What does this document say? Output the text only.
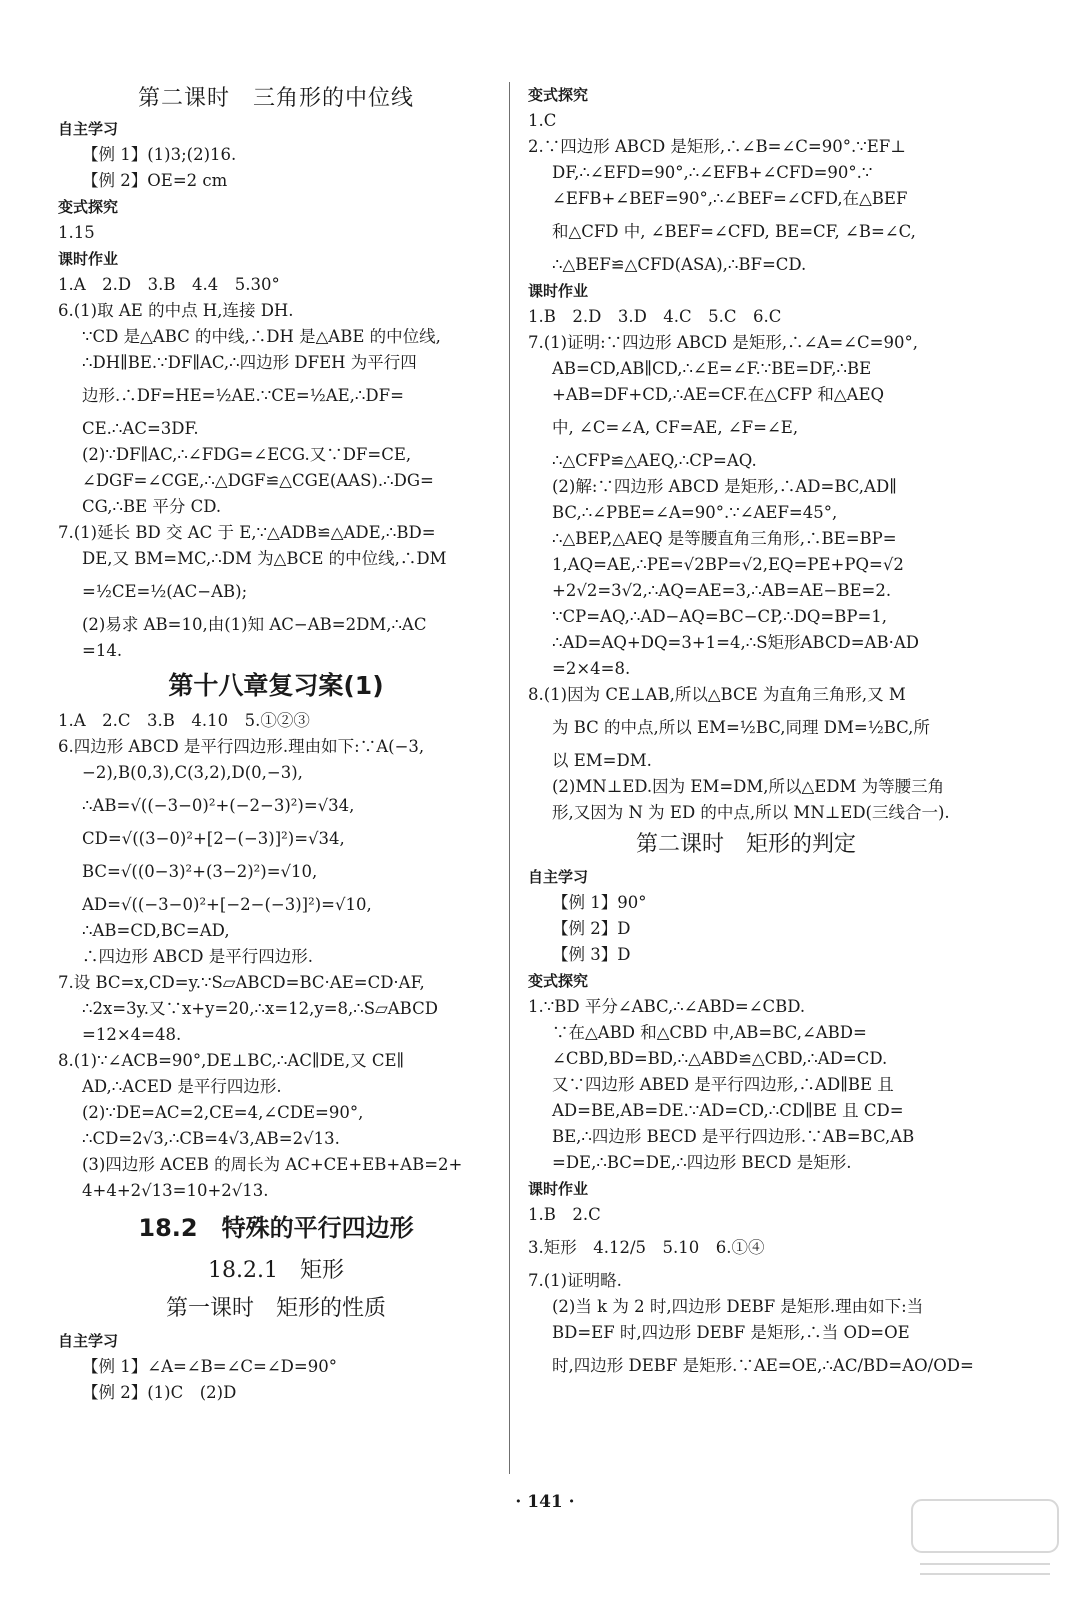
第二课时　三角形的中位线
自主学习
【例 1】(1)3;(2)16.
【例 2】OE=2 cm
变式探究
1.15
课时作业
1.A　2.D　3.B　4.4　5.30°
6.(1)取 AE 的中点 H,连接 DH.
∵CD 是△ABC 的中线,∴DH 是△ABE 的中位线,
∴DH∥BE.∵DF∥AC,∴四边形 DFEH 为平行四
边形.∴DF=HE=½AE.∵CE=½AE,∴DF=
CE.∴AC=3DF.
(2)∵DF∥AC,∴∠FDG=∠ECG.又∵DF=CE,
∠DGF=∠CGE,∴△DGF≌△CGE(AAS).∴DG=
CG,∴BE 平分 CD.
7.(1)延长 BD 交 AC 于 E,∵△ADB≌△ADE,∴BD=
DE,又 BM=MC,∴DM 为△BCE 的中位线,∴DM
=½CE=½(AC−AB);
(2)易求 AB=10,由(1)知 AC−AB=2DM,∴AC
=14.
第十八章复习案(1)
1.A　2.C　3.B　4.10　5.①②③
6.四边形 ABCD 是平行四边形.理由如下:∵A(−3,
−2),B(0,3),C(3,2),D(0,−3),
∴AB=√((−3−0)²+(−2−3)²)=√34,
CD=√((3−0)²+[2−(−3)]²)=√34,
BC=√((0−3)²+(3−2)²)=√10,
AD=√((−3−0)²+[−2−(−3)]²)=√10,
∴AB=CD,BC=AD,
∴四边形 ABCD 是平行四边形.
7.设 BC=x,CD=y.∵S▱ABCD=BC·AE=CD·AF,
∴2x=3y.又∵x+y=20,∴x=12,y=8,∴S▱ABCD
=12×4=48.
8.(1)∵∠ACB=90°,DE⊥BC,∴AC∥DE,又 CE∥
AD,∴ACED 是平行四边形.
(2)∵DE=AC=2,CE=4,∠CDE=90°,
∴CD=2√3,∴CB=4√3,AB=2√13.
(3)四边形 ACEB 的周长为 AC+CE+EB+AB=2+
4+4+2√13=10+2√13.
18.2　特殊的平行四边形
18.2.1　矩形
第一课时　矩形的性质
自主学习
【例 1】∠A=∠B=∠C=∠D=90°
【例 2】(1)C　(2)D
变式探究
1.C
2.∵四边形 ABCD 是矩形,∴∠B=∠C=90°.∵EF⊥
DF,∴∠EFD=90°,∴∠EFB+∠CFD=90°.∵
∠EFB+∠BEF=90°,∴∠BEF=∠CFD,在△BEF
和△CFD 中, ∠BEF=∠CFD, BE=CF, ∠B=∠C,
∴△BEF≌△CFD(ASA),∴BF=CD.
课时作业
1.B　2.D　3.D　4.C　5.C　6.C
7.(1)证明:∵四边形 ABCD 是矩形,∴∠A=∠C=90°,
AB=CD,AB∥CD,∴∠E=∠F.∵BE=DF,∴BE
+AB=DF+CD,∴AE=CF.在△CFP 和△AEQ
中, ∠C=∠A, CF=AE, ∠F=∠E,
∴△CFP≌△AEQ,∴CP=AQ.
(2)解:∵四边形 ABCD 是矩形,∴AD=BC,AD∥
BC,∴∠PBE=∠A=90°.∵∠AEF=45°,
∴△BEP,△AEQ 是等腰直角三角形,∴BE=BP=
1,AQ=AE,∴PE=√2BP=√2,EQ=PE+PQ=√2
+2√2=3√2,∴AQ=AE=3,∴AB=AE−BE=2.
∵CP=AQ,∴AD−AQ=BC−CP,∴DQ=BP=1,
∴AD=AQ+DQ=3+1=4,∴S矩形ABCD=AB·AD
=2×4=8.
8.(1)因为 CE⊥AB,所以△BCE 为直角三角形,又 M
为 BC 的中点,所以 EM=½BC,同理 DM=½BC,所
以 EM=DM.
(2)MN⊥ED.因为 EM=DM,所以△EDM 为等腰三角
形,又因为 N 为 ED 的中点,所以 MN⊥ED(三线合一).
第二课时　矩形的判定
自主学习
【例 1】90°
【例 2】D
【例 3】D
变式探究
1.∵BD 平分∠ABC,∴∠ABD=∠CBD.
∵在△ABD 和△CBD 中,AB=BC,∠ABD=
∠CBD,BD=BD,∴△ABD≌△CBD,∴AD=CD.
又∵四边形 ABED 是平行四边形,∴AD∥BE 且
AD=BE,AB=DE.∵AD=CD,∴CD∥BE 且 CD=
BE,∴四边形 BECD 是平行四边形.∵AB=BC,AB
=DE,∴BC=DE,∴四边形 BECD 是矩形.
课时作业
1.B　2.C
3.矩形　4.12/5　5.10　6.①④
7.(1)证明略.
(2)当 k 为 2 时,四边形 DEBF 是矩形.理由如下:当
BD=EF 时,四边形 DEBF 是矩形,∴当 OD=OE
时,四边形 DEBF 是矩形.∵AE=OE,∴AC/BD=AO/OD=
· 141 ·
